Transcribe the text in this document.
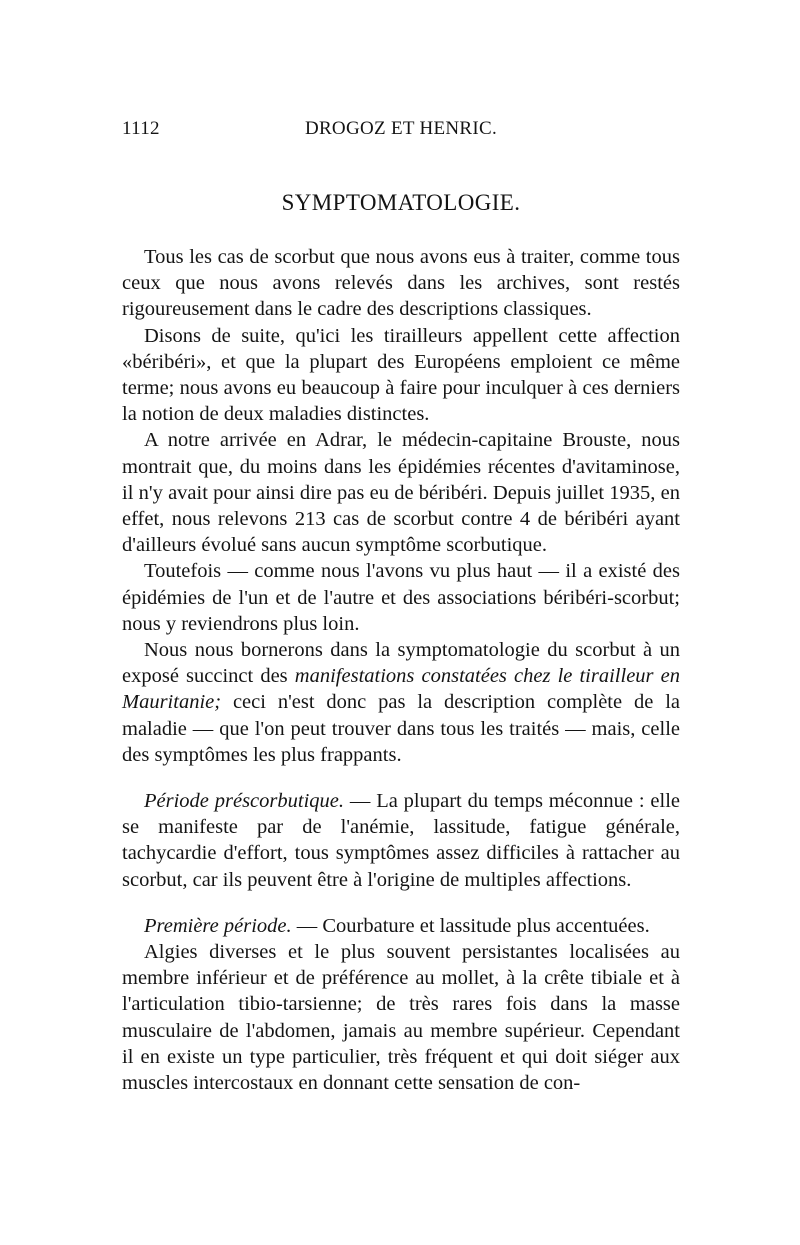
1112	DROGOZ ET HENRIC.
SYMPTOMATOLOGIE.

Tous les cas de scorbut que nous avons eus à traiter, comme tous ceux que nous avons relevés dans les archives, sont restés rigoureusement dans le cadre des descriptions classiques.

Disons de suite, qu'ici les tirailleurs appellent cette affection «béribéri», et que la plupart des Européens emploient ce même terme; nous avons eu beaucoup à faire pour inculquer à ces derniers la notion de deux maladies distinctes.

A notre arrivée en Adrar, le médecin-capitaine Brouste, nous montrait que, du moins dans les épidémies récentes d'avitaminose, il n'y avait pour ainsi dire pas eu de béribéri. Depuis juillet 1935, en effet, nous relevons 213 cas de scorbut contre 4 de béribéri ayant d'ailleurs évolué sans aucun symptôme scorbutique.

Toutefois — comme nous l'avons vu plus haut — il a existé des épidémies de l'un et de l'autre et des associations béribéri-scorbut; nous y reviendrons plus loin.

Nous nous bornerons dans la symptomatologie du scorbut à un exposé succinct des manifestations constatées chez le tirailleur en Mauritanie; ceci n'est donc pas la description complète de la maladie — que l'on peut trouver dans tous les traités — mais, celle des symptômes les plus frappants.

Période préscorbutique. — La plupart du temps méconnue : elle se manifeste par de l'anémie, lassitude, fatigue générale, tachycardie d'effort, tous symptômes assez difficiles à rattacher au scorbut, car ils peuvent être à l'origine de multiples affections.

Première période. — Courbature et lassitude plus accentuées.

Algies diverses et le plus souvent persistantes localisées au membre inférieur et de préférence au mollet, à la crête tibiale et à l'articulation tibio-tarsienne; de très rares fois dans la masse musculaire de l'abdomen, jamais au membre supérieur. Cependant il en existe un type particulier, très fréquent et qui doit siéger aux muscles intercostaux en donnant cette sensation de con-
